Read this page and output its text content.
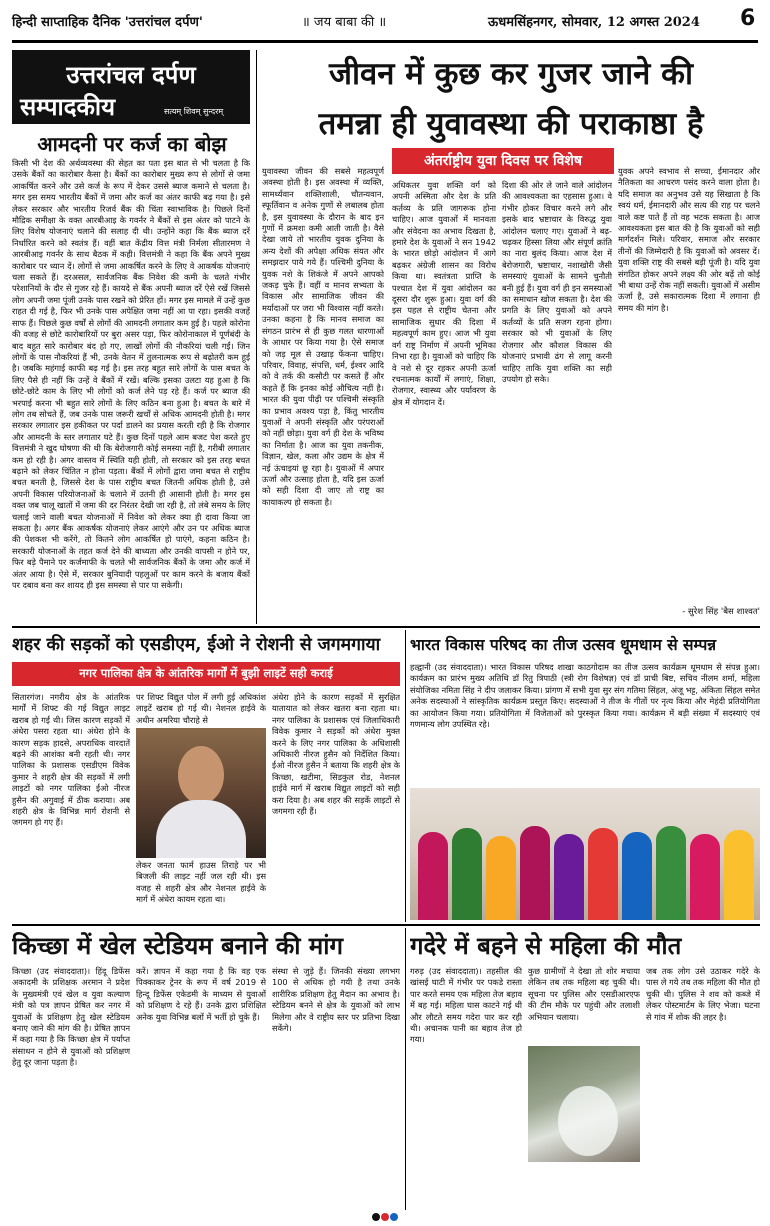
हिन्दी साप्ताहिक दैनिक 'उत्तरांचल दर्पण'	॥ जय बाबा की ॥	ऊधमसिंहनगर, सोमवार, 12 अगस्त 2024 6
उत्तरांचल दर्पण
सम्पादकीय	सत्यम् शिवम् सुन्दरम्
आमदनी पर कर्ज का बोझ
किसी भी देश की अर्थव्यवस्था की सेहत का पता इस बात से भी चलता है कि उसके बैंकों का कारोबार कैसा है। बैंकों का कारोबार मुख्य रूप से लोगों से जमा आकर्षित करने और उसे कर्ज के रूप में देकर उससे ब्याज कमाने से चलता है। मगर इस समय भारतीय बैंकों में जमा और कर्ज का अंतर काफी बढ़ गया है। इसे लेकर सरकार और भारतीय रिजर्व बैंक की चिंता स्वाभाविक है। पिछले दिनों मौद्रिक समीक्षा के वक्त आरबीआइ के गवर्नर ने बैंकों से इस अंतर को पाटने के लिए विशेष योजनाएं चलाने की सलाह दी थी। उन्होंने कहा कि बैंक ब्याज दरें निर्धारित करने को स्वतंत्र हैं। वहीं बात केंद्रीय वित्त मंत्री निर्मला सीतारमण ने आरबीआइ गवर्नर के साथ बैठक में कही। वित्तमंत्री ने कहा कि बैंक अपने मुख्य कारोबार पर ध्यान दें। लोगों से जमा आकर्षित करने के लिए वे आकर्षक योजनाएं चला सकते हैं। दरअसल, सार्वजनिक बैंक निवेश की कमी के चलते गंभीर परेशानियों के दौर से गुजर रहे हैं। कायदे से बैंक अपनी ब्याज दरें ऐसे रखें जिससे लोग अपनी जमा पूंजी उनके पास रखने को प्रेरित हों। मगर इस मामले में उन्हें कुछ राहत दी गई है, फिर भी उनके पास अपेक्षित जमा नहीं आ पा रहा। इसकी वजहें साफ हैं। पिछले कुछ वर्षों से लोगों की आमदनी लगातार कम हुई है। पहले कोरोना की वजह से छोटे कारोबारियों पर बुरा असर पड़ा, फिर कोरोनाकाल में पूर्णबंदी के बाद बहुत सारे कारोबार बंद हो गए, लाखों लोगों की नौकरियां चली गईं। जिन लोगों के पास नौकरियां हैं भी, उनके वेतन में तुलनात्मक रूप से बढ़ोतरी कम हुई है। जबकि महंगाई काफी बढ़ गई है। इस तरह बहुत सारे लोगों के पास बचत के लिए पैसे ही नहीं कि उन्हें वे बैंकों में रखें। बल्कि इसका उलटा यह हुआ है कि छोटे-छोटे काम के लिए भी लोगों को कर्ज लेने पड़ रहे हैं। कर्ज पर ब्याज की भरपाई करना भी बहुत सारे लोगों के लिए कठिन बना हुआ है। बचत के बारे में लोग तब सोचते हैं, जब उनके पास जरूरी खर्चों से अधिक आमदनी होती है। मगर सरकार लगातार इस हकीकत पर पर्दा डालने का प्रयास करती रही है कि रोजगार और आमदनी के स्तर लगातार घटे हैं। कुछ दिनों पहले आम बजट पेश करते हुए वित्तमंत्री ने खुद घोषणा की थी कि बेरोजगारी कोई समस्या नहीं है, गरीबी लगातार कम हो रही है। अगर वास्तव में स्थिति यही होती, तो सरकार को इस तरह बचत बढ़ाने को लेकर चिंतित न होना पड़ता। बैंकों में लोगों द्वारा जमा बचत से राष्ट्रीय बचत बनती है, जिससे देश के पास राष्ट्रीय बचत जितनी अधिक होती है, उसे अपनी विकास परियोजनाओं के चलाने में उतनी ही आसानी होती है। मगर इस वक्त जब चालू खातों में जमा की दर निरंतर देखी जा रही है, तो लंबे समय के लिए चलाई जाने वाली बचत योजनाओं में निवेश को लेकर क्या ही दावा किया जा सकता है। अगर बैंक आकर्षक योजनाएं लेकर आएंगे और उन पर अधिक ब्याज की पेशकश भी करेंगे, तो कितने लोग आकर्षित हो पाएंगे, कहना कठिन है। सरकारी योजनाओं के तहत कर्ज देने की बाध्यता और उनकी वापसी न होने पर, फिर बड़े पैमाने पर कर्जमाफी के चलते भी सार्वजनिक बैंकों के जमा और कर्ज में अंतर आया है। ऐसे में, सरकार बुनियादी पहलुओं पर काम करने के बजाय बैंकों पर दबाव बना कर शायद ही इस समस्या से पार पा सकेगी।
जीवन में कुछ कर गुजर जाने की
तमन्ना ही युवावस्था की पराकाष्ठा है
युवावस्था जीवन की सबसे महत्वपूर्ण अवस्था होती है। इस अवस्था में व्यक्ति, सामर्थ्यवान शक्तिशाली, चौतन्यवान, स्फूर्तिवान व अनेक गुणों से लबालब होता है, इस युवावस्था के दौरान के बाद इन गुणों में क्रमशः कमी आती जाती है। वैसे देखा जाये तो भारतीय युवक दुनिया के अन्य देशों की अपेक्षा अधिक संयत और समझदार पाये गये हैं। पश्चिमी दुनिया के युवक नशे के शिकंजे में अपने आपको जकड़ चुके हैं। वहीं व मानव सभ्यता के विकास और सामाजिक जीवन की मर्यादाओं पर जरा भी विश्वास नहीं करते। उनका कहना है कि मानव समाज का संगठन प्रारंभ से ही कुछ गलत धारणाओं के आधार पर किया गया है। ऐसे समाज को जड़ मूल से उखाड़ फेंकना चाहिए। परिवार, विवाह, संपत्ति, धर्म, ईश्वर आदि को वे तर्क की कसौटी पर कसते हैं और कहते हैं कि इनका कोई औचित्य नहीं है। भारत की युवा पीढ़ी पर पश्चिमी संस्कृति का प्रभाव अवश्य पड़ा है, किंतु भारतीय युवाओं ने अपनी संस्कृति और परंपराओं को नहीं छोड़ा। युवा वर्ग ही देश के भविष्य का निर्माता है। आज का युवा तकनीक, विज्ञान, खेल, कला और उद्यम के क्षेत्र में नई ऊंचाइयां छू रहा है। युवाओं में अपार ऊर्जा और उत्साह होता है, यदि इस ऊर्जा को सही दिशा दी जाए तो राष्ट्र का कायाकल्प हो सकता है।
अंतर्राष्ट्रीय युवा दिवस पर विशेष
अधिकतर युवा शक्ति वर्ग को अपनी अस्मिता और देश के प्रति कर्तव्य के प्रति जागरूक होना चाहिए। आज युवाओं में मानवता और संवेदना का अभाव दिखता है, हमारे देश के युवाओं ने सन 1942 के भारत छोड़ो आंदोलन में आगे बढ़कर अंग्रेजी शासन का विरोध किया था। स्वतंत्रता प्राप्ति के पश्चात देश में युवा आंदोलन का दूसरा दौर शुरू हुआ। युवा वर्ग की इस पहल से राष्ट्रीय चेतना और सामाजिक सुधार की दिशा में महत्वपूर्ण काम हुए। आज भी युवा वर्ग राष्ट्र निर्माण में अपनी भूमिका निभा रहा है। युवाओं को चाहिए कि वे नशे से दूर रहकर अपनी ऊर्जा रचनात्मक कार्यों में लगाएं, शिक्षा, रोजगार, स्वास्थ्य और पर्यावरण के क्षेत्र में योगदान दें।
दिशा की ओर ले जाने वाले आंदोलन की आवश्यकता का एहसास हुआ। वे गंभीर होकर विचार करने लगे और इसके बाद भ्रष्टाचार के विरुद्ध युवा आंदोलन चलाए गए। युवाओं ने बढ़-चढ़कर हिस्सा लिया और संपूर्ण क्रांति का नारा बुलंद किया। आज देश में बेरोजगारी, भ्रष्टाचार, नशाखोरी जैसी समस्याएं युवाओं के सामने चुनौती बनी हुई हैं। युवा वर्ग ही इन समस्याओं का समाधान खोज सकता है। देश की प्रगति के लिए युवाओं को अपने कर्तव्यों के प्रति सजग रहना होगा। सरकार को भी युवाओं के लिए रोजगार और कौशल विकास की योजनाएं प्रभावी ढंग से लागू करनी चाहिए ताकि युवा शक्ति का सही उपयोग हो सके।
युवक अपने स्वभाव से सच्चा, ईमानदार और नैतिकता का आचरण पसंद करने वाला होता है। यदि समाज का अनुभव उसे यह सिखाता है कि स्वयं धर्म, ईमानदारी और सत्य की राह पर चलने वाले कष्ट पाते हैं तो वह भटक सकता है। आज आवश्यकता इस बात की है कि युवाओं को सही मार्गदर्शन मिले। परिवार, समाज और सरकार तीनों की जिम्मेदारी है कि युवाओं को अवसर दें। युवा शक्ति राष्ट्र की सबसे बड़ी पूंजी है। यदि युवा संगठित होकर अपने लक्ष्य की ओर बढ़ें तो कोई भी बाधा उन्हें रोक नहीं सकती। युवाओं में असीम ऊर्जा है, उसे सकारात्मक दिशा में लगाना ही समय की मांग है।
- सुरेश सिंह 'बैस शाश्वत'
शहर की सड़कों को एसडीएम, ईओ ने रोशनी से जगमगाया
नगर पालिका क्षेत्र के आंतरिक मार्गों में बुझी लाइटें सही कराई
सितारगंज। नगरीय क्षेत्र के आंतरिक मार्गों में शिफ्ट की गई विद्युत लाइट खराब हो गई थी। जिस कारण सड़कों में अंधेरा पसरा रहता था। अंधेरा होने के कारण सड़क हादसे, अपराधिक वारदातें बढ़ने की आशंका बनी रहती थी। नगर पालिका के प्रशासक एसडीएम विवेक कुमार ने शहरी क्षेत्र की सड़कों में लगी लाइटों को नगर पालिका ईओ नीरज हुसैन की अगुवाई में ठीक कराया। अब शहरी क्षेत्र के विभिन्न मार्ग रोशनी से जगमग हो गए हैं।
पर शिफ्ट विद्युत पोल में लगी हुई अधिकांश लाइटें खराब हो गई थी। नेशनल हाईवे के अधीन अमरिया चौराहे से
लेकर जनता फार्म हाउस तिराहे पर भी बिजली की लाइट नहीं जल रही थी। इस वजह से शहरी क्षेत्र और नेशनल हाईवे के मार्ग में अंधेरा कायम रहता था।
अंधेरा होने के कारण सड़कों में सुरक्षित यातायात को लेकर खतरा बना रहता था। नगर पालिका के प्रशासक एवं जिलाधिकारी विवेक कुमार ने सड़कों को अंधेरा मुक्त करने के लिए नगर पालिका के अधिशासी अधिकारी नीरज हुसैन को निर्देशित किया। ईओ नीरज हुसैन ने बताया कि शहरी क्षेत्र के किच्छा, खटीमा, सिडकुल रोड, नेशनल हाईवे मार्ग में खराब विद्युत लाइटों को सही करा दिया है। अब शहर की सड़कें लाइटों से जगमगा रही हैं।
भारत विकास परिषद का तीज उत्सव धूमधाम से सम्पन्न
हल्द्वानी (उद संवाददाता)। भारत विकास परिषद शाखा काठगोदाम का तीज उत्सव कार्यक्रम धूमधाम से संपन्न हुआ। कार्यक्रम का प्रारंभ मुख्य अतिथि डॉ रितु त्रिपाठी (स्त्री रोग विशेषज्ञ) एवं डॉ प्राची बिष्ट, सचिव नीलम शर्मा, महिला संयोजिका नमिता सिंह ने दीप जलाकर किया। प्रांगण में सभी युवा सुर संग गतिमा सिंहल, अंजू भट्ट, अंकिता सिंहल समेत अनेक सदस्याओं ने सांस्कृतिक कार्यक्रम प्रस्तुत किए। सदस्याओं ने तीज के गीतों पर नृत्य किया और मेहंदी प्रतियोगिता का आयोजन किया गया। प्रतियोगिता में विजेताओं को पुरस्कृत किया गया। कार्यक्रम में बड़ी संख्या में सदस्याएं एवं गणमान्य लोग उपस्थित रहे।
किच्छा में खेल स्टेडियम बनाने की मांग
किच्छा (उद संवाददाता)। हिंदू डिफेंस अकादमी के प्रशिक्षक अरमान ने प्रदेश के मुख्यमंत्री एवं खेल व युवा कल्याण मंत्री को पत्र ज्ञापन प्रेषित कर नगर में युवाओं के प्रशिक्षण हेतु खेल स्टेडियम बनाए जाने की मांग की है। प्रेषित ज्ञापन में कहा गया है कि किच्छा क्षेत्र में पर्याप्त संसाधन न होने से युवाओं को प्रशिक्षण हेतु दूर जाना पड़ता है।
करें। ज्ञापन में कहा गया है कि वह एक पिक्काकर ट्रेनर के रूप में वर्ष 2019 से हिन्दू डिफेंस एकेडमी के माध्यम से युवाओं को प्रशिक्षण दे रहे हैं। उनके द्वारा प्रशिक्षित अनेक युवा विभिन्न बलों में भर्ती हो चुके हैं।
संस्था से जुड़े हैं। जिनकी संख्या लगभग 100 से अधिक हो गयी है तथा उनके शारीरिक प्रशिक्षण हेतु मैदान का अभाव है। स्टेडियम बनने से क्षेत्र के युवाओं को लाभ मिलेगा और वे राष्ट्रीय स्तर पर प्रतिभा दिखा सकेंगे।
गदेरे में बहने से महिला की मौत
गरुड़ (उद संवाददाता)। तहसील की खांसई घाटी में गंभीर पर पकडे रास्ता पार करते समय एक महिला तेज बहाव में बह गई। महिला घास काटने गई थी और लौटते समय गदेरा पार कर रही थी। अचानक पानी का बहाव तेज हो गया।
कुछ ग्रामीणों ने देखा तो शोर मचाया लेकिन तब तक महिला बह चुकी थी। सूचना पर पुलिस और एसडीआरएफ की टीम मौके पर पहुंची और तलाशी अभियान चलाया।
जब तक लोग उसे उठाकर गदेरे के पास ले गये तब तक महिला की मौत हो चुकी थी। पुलिस ने शव को कब्जे में लेकर पोस्टमार्टम के लिए भेजा। घटना से गांव में शोक की लहर है।
